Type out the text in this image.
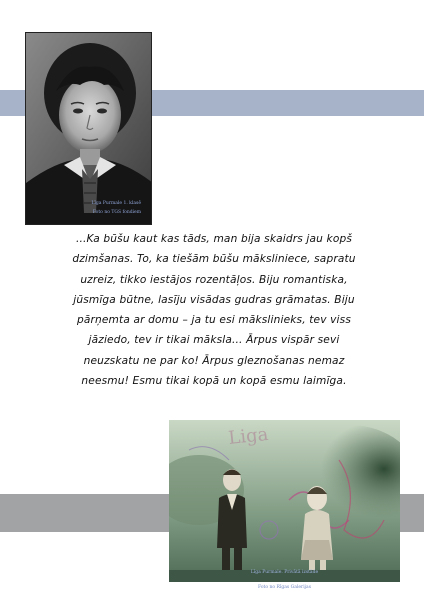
Līga Purmale 1. klasē
Foto no TGS fondiem
...Ka būšu kaut kas tāds, man bija skaidrs jau kopš
dzimšanas. To, ka tiešām būšu māksliniece, sapratu
uzreiz, tikko iestājos rozentāļos. Biju romantiska,
jūsmīga būtne, lasīju visādas gudras grāmatas. Biju
pārņemta ar domu – ja tu esi mākslinieks, tev viss
jāziedo, tev ir tikai māksla... Ārpus vispār sevi
neuzskatu ne par ko! Ārpus gleznošanas nemaz
neesmu! Esmu tikai kopā un kopā esmu laimīga.
Liga
Līga Purmale. Privātā izstāde
Foto no Rīgas Galerijas
